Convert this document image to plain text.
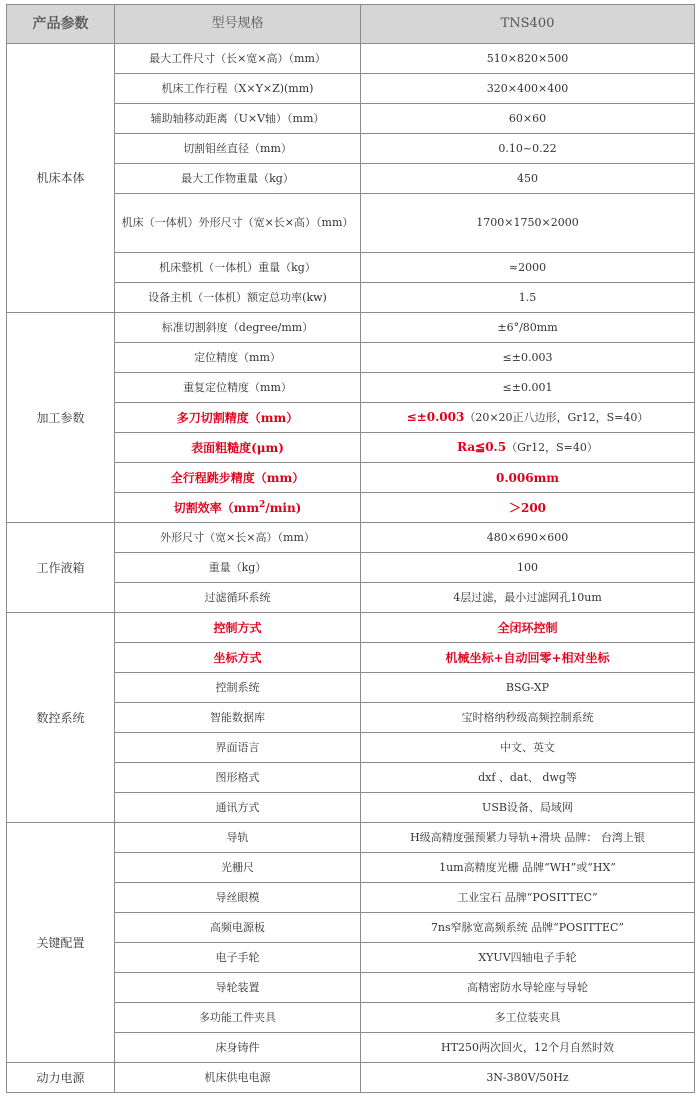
产品参数	型号规格	TNS400
机床本体	最大工件尺寸（长×宽×高）（mm）	510×820×500
	机床工作行程（X×Y×Z)(mm)	320×400×400
	辅助轴移动距离（U×V轴）（mm）	60×60
	切割钼丝直径（mm）	0.10~0.22
	最大工作物重量（kg）	450
	机床（一体机）外形尺寸（宽×长×高）（mm）	1700×1750×2000
	机床整机（一体机）重量（kg）	≈2000
	设备主机（一体机）额定总功率(kw)	1.5
加工参数	标准切割斜度（degree/mm）	±6°/80mm
	定位精度（mm）	≤±0.003
	重复定位精度（mm）	≤±0.001
	多刀切割精度（mm）	≤±0.003（20×20正八边形，Gr12，S=40）
	表面粗糙度(μm)	Ra≦0.5（Gr12，S=40）
	全行程跳步精度（mm）	0.006mm
	切割效率$(mm^2/\min)$	＞200
工作液箱	外形尺寸（宽×长×高）（mm）	480×690×600
	重量（kg）	100
	过滤循环系统	4层过滤，最小过滤网孔10um
数控系统	控制方式	全闭环控制
	坐标方式	机械坐标+自动回零+相对坐标
	控制系统	BSG-XP
	智能数据库	宝时格纳秒级高频控制系统
	界面语言	中文、英文
	图形格式	dxf 、dat、 dwg等
	通讯方式	USB设备、局域网
关键配置	导轨	H级高精度强预紧力导轨+滑块 品牌： 台湾上银
	光栅尺	1um高精度光栅 品牌“WH”或“HX”
	导丝眼模	工业宝石 品牌“POSITTEC”
	高频电源板	7ns窄脉宽高频系统 品牌“POSITTEC”
	电子手轮	XYUV四轴电子手轮
	导轮装置	高精密防水导轮座与导轮
	多功能工件夹具	多工位装夹具
	床身铸件	HT250两次回火，12个月自然时效
动力电源	机床供电电源	3N-380V/50Hz
